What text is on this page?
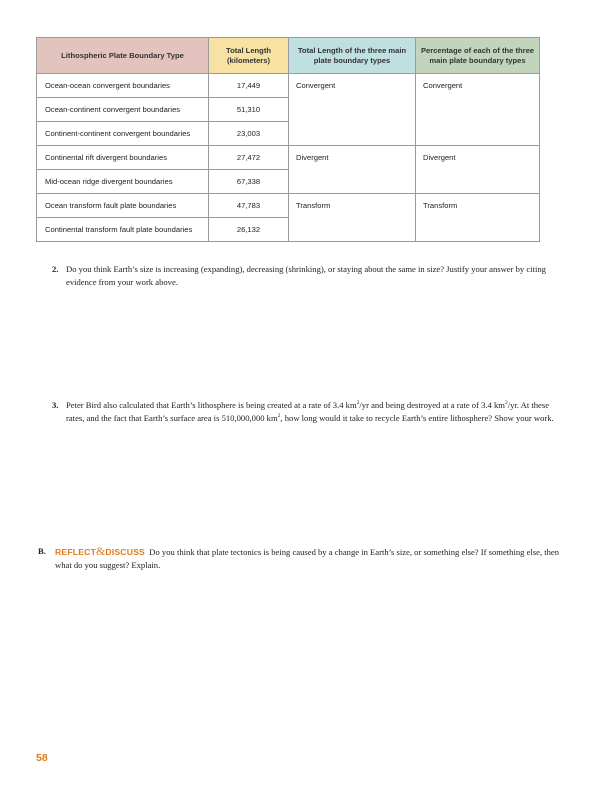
Lithospheric Plate Boundary Type	Total Length (kilometers)	Total Length of the three main plate boundary types	Percentage of each of the three main plate boundary types
Ocean-ocean convergent boundaries	17,449	Convergent	Convergent
Ocean-continent convergent boundaries	51,310		
Continent-continent convergent boundaries	23,003		
Continental rift divergent boundaries	27,472	Divergent	Divergent
Mid-ocean ridge divergent boundaries	67,338		
Ocean transform fault plate boundaries	47,783	Transform	Transform
Continental transform fault plate boundaries	26,132		
2. Do you think Earth’s size is increasing (expanding), decreasing (shrinking), or staying about the same in size? Justify your answer by citing evidence from your work above.
3. Peter Bird also calculated that Earth’s lithosphere is being created at a rate of 3.4 $km^2/yr$ and being destroyed at a rate of 3.4 $km^2/yr$. At these rates, and the fact that Earth’s surface area is 510,000,000 $km^2$, how long would it take to recycle Earth’s entire lithosphere? Show your work.
B.	REFLECT&DISCUSS Do you think that plate tectonics is being caused by a change in Earth’s size, or something else? If something else, then what do you suggest? Explain.
58
